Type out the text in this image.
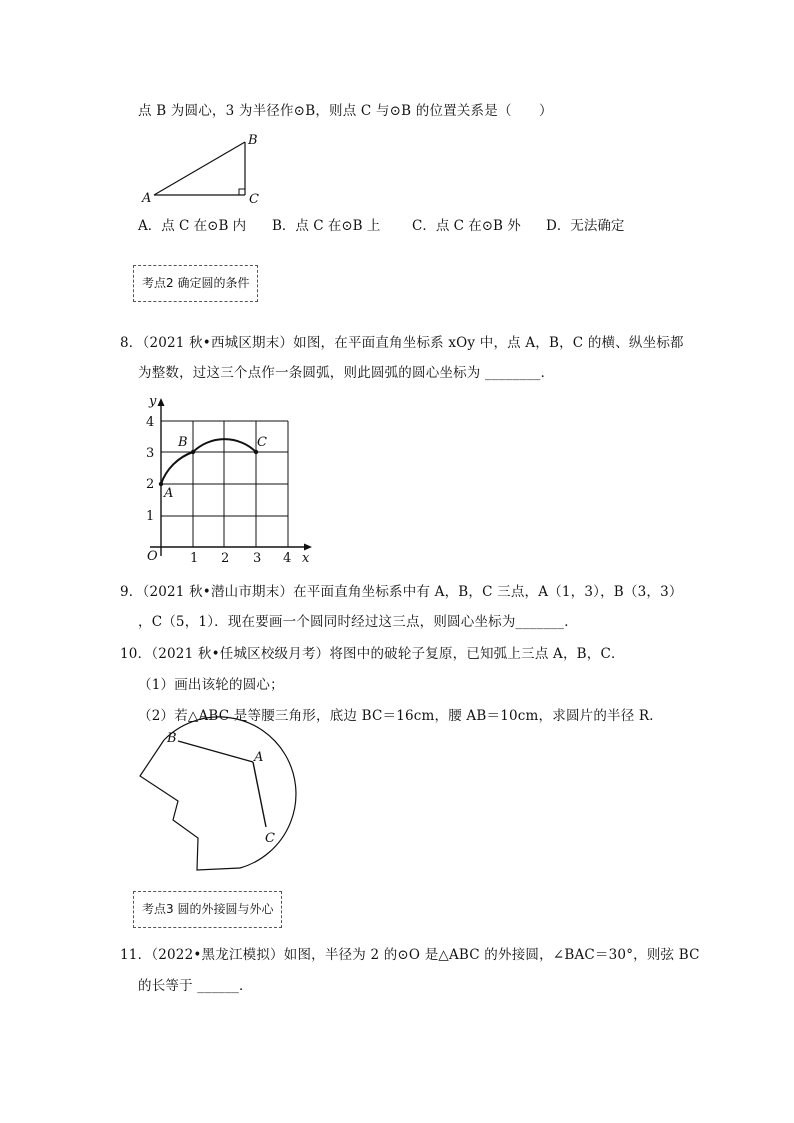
点 B 为圆心，3 为半径作⊙B，则点 C 与⊙B 的位置关系是（　　）
A
B
C
A．点 C 在⊙B 内 B．点 C 在⊙B 上 C．点 C 在⊙B 外 D．无法确定
考点2 确定圆的条件
8．（2021 秋•西城区期末）如图，在平面直角坐标系 xOy 中，点 A，B，C 的横、纵坐标都
为整数，过这三个点作一条圆弧，则此圆弧的圆心坐标为 ________．
y
x
O 1 2 3 4
1
2
3
4
A
B	C
9．（2021 秋•潜山市期末）在平面直角坐标系中有 A，B，C 三点，A（1，3），B（3，3）
，C（5，1）．现在要画一个圆同时经过这三点，则圆心坐标为_______．
10．（2021 秋•任城区校级月考）将图中的破轮子复原，已知弧上三点 A，B，C．
（1）画出该轮的圆心；
（2）若△ABC 是等腰三角形，底边 BC＝16cm，腰 AB＝10cm，求圆片的半径 R．
B
A
C
考点3 圆的外接圆与外心
11．（2022•黑龙江模拟）如图，半径为 2 的⊙O 是△ABC 的外接圆，∠BAC＝30°，则弦 BC
的长等于 ______．
